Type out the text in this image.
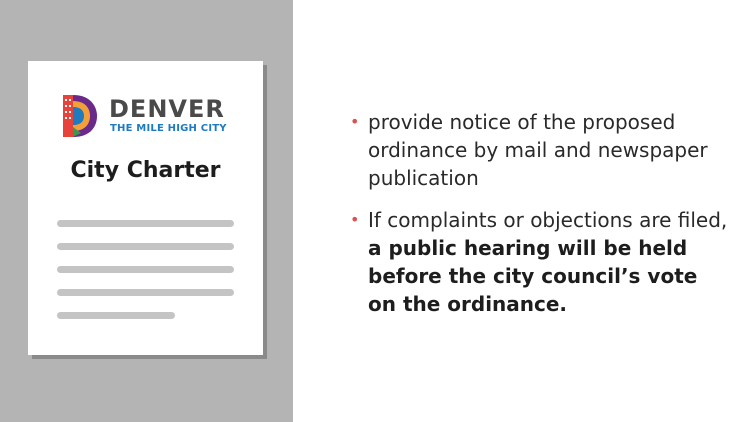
DENVER
THE MILE HIGH CITY
City Charter
• provide notice of the proposed ordinance by mail and newspaper publication
• If complaints or objections are filed, a public hearing will be held before the city council’s vote on the ordinance.
